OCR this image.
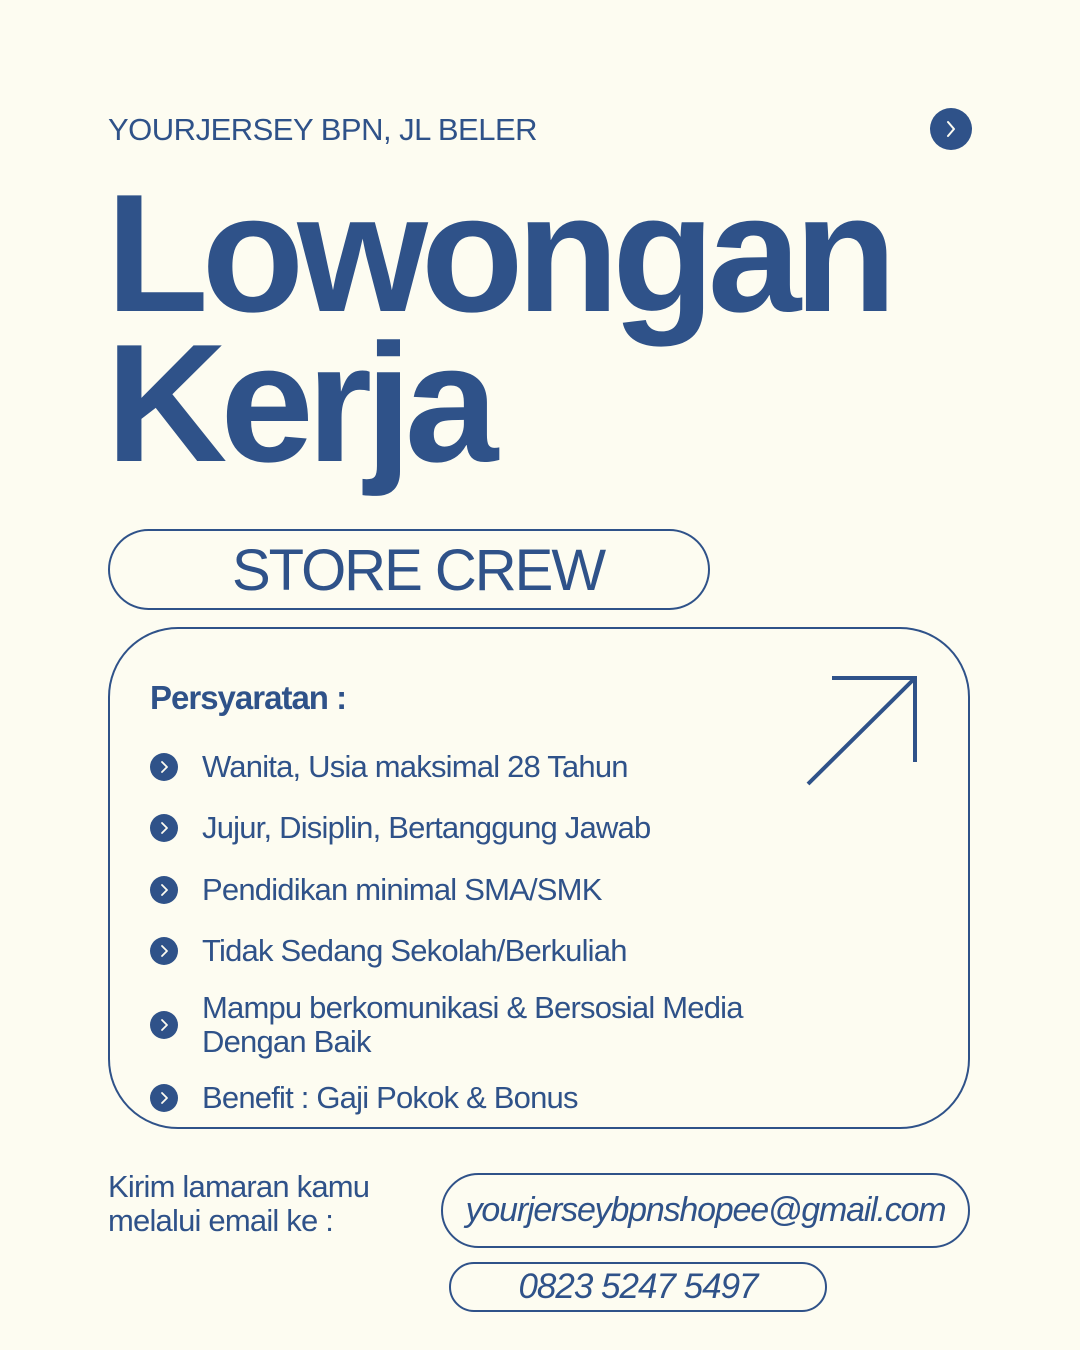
YOURJERSEY BPN, JL BELER
Lowongan
Kerja
STORE CREW
Persyaratan :
Wanita, Usia maksimal 28 Tahun
Jujur, Disiplin, Bertanggung Jawab
Pendidikan minimal SMA/SMK
Tidak Sedang Sekolah/Berkuliah
Mampu berkomunikasi & Bersosial Media Dengan Baik
Benefit : Gaji Pokok & Bonus
Kirim lamaran kamu
melalui email ke :	yourjerseybpnshopee@gmail.com
0823 5247 5497
